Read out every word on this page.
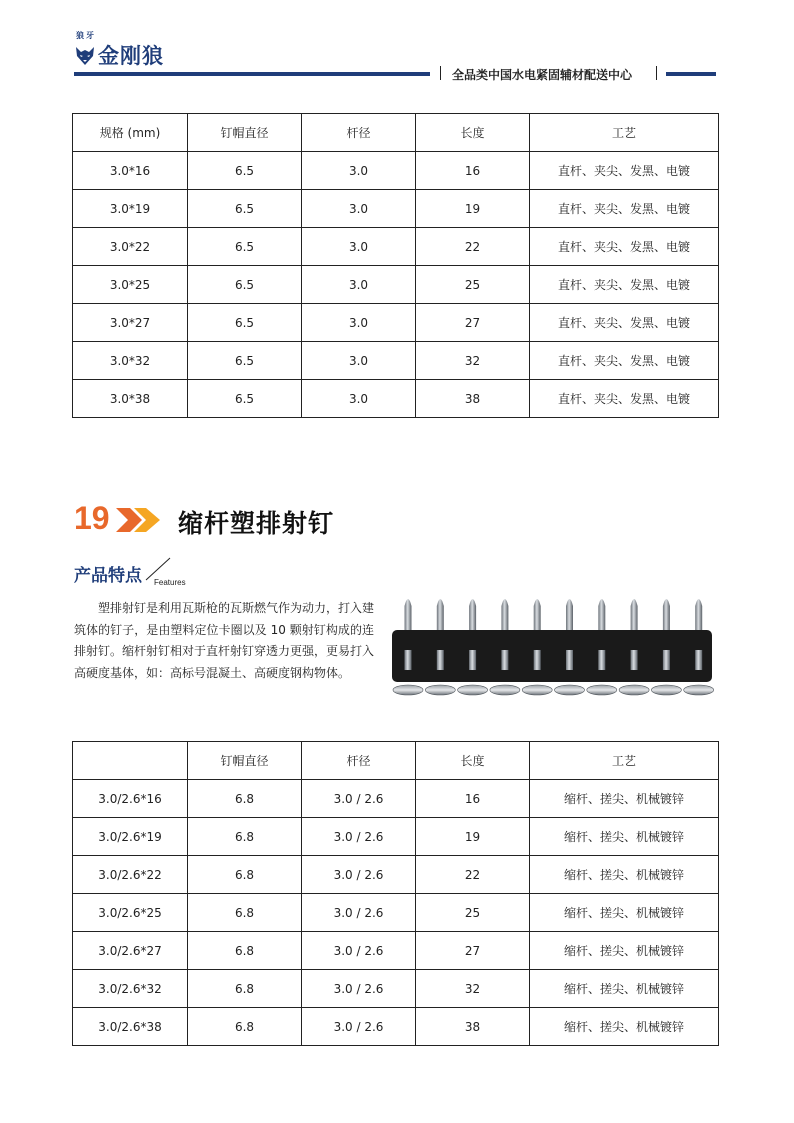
狼牙
金刚狼
全品类中国水电紧固辅材配送中心
规格 (mm)	钉帽直径	杆径	长度	工艺
3.0*16	6.5	3.0	16	直杆、夹尖、发黑、电镀
3.0*19	6.5	3.0	19	直杆、夹尖、发黑、电镀
3.0*22	6.5	3.0	22	直杆、夹尖、发黑、电镀
3.0*25	6.5	3.0	25	直杆、夹尖、发黑、电镀
3.0*27	6.5	3.0	27	直杆、夹尖、发黑、电镀
3.0*32	6.5	3.0	32	直杆、夹尖、发黑、电镀
3.0*38	6.5	3.0	38	直杆、夹尖、发黑、电镀
19	缩杆塑排射钉
产品特点 Features

塑排射钉是利用瓦斯枪的瓦斯燃气作为动力，打入建筑体的钉子，是由塑料定位卡圈以及 10 颗射钉构成的连排射钉。缩杆射钉相对于直杆射钉穿透力更强，更易打入高硬度基体，如：高标号混凝土、高硬度钢构物体。

	钉帽直径	杆径	长度	工艺
3.0/2.6*16	6.8	3.0 / 2.6	16	缩杆、搓尖、机械镀锌
3.0/2.6*19	6.8	3.0 / 2.6	19	缩杆、搓尖、机械镀锌
3.0/2.6*22	6.8	3.0 / 2.6	22	缩杆、搓尖、机械镀锌
3.0/2.6*25	6.8	3.0 / 2.6	25	缩杆、搓尖、机械镀锌
3.0/2.6*27	6.8	3.0 / 2.6	27	缩杆、搓尖、机械镀锌
3.0/2.6*32	6.8	3.0 / 2.6	32	缩杆、搓尖、机械镀锌
3.0/2.6*38	6.8	3.0 / 2.6	38	缩杆、搓尖、机械镀锌
